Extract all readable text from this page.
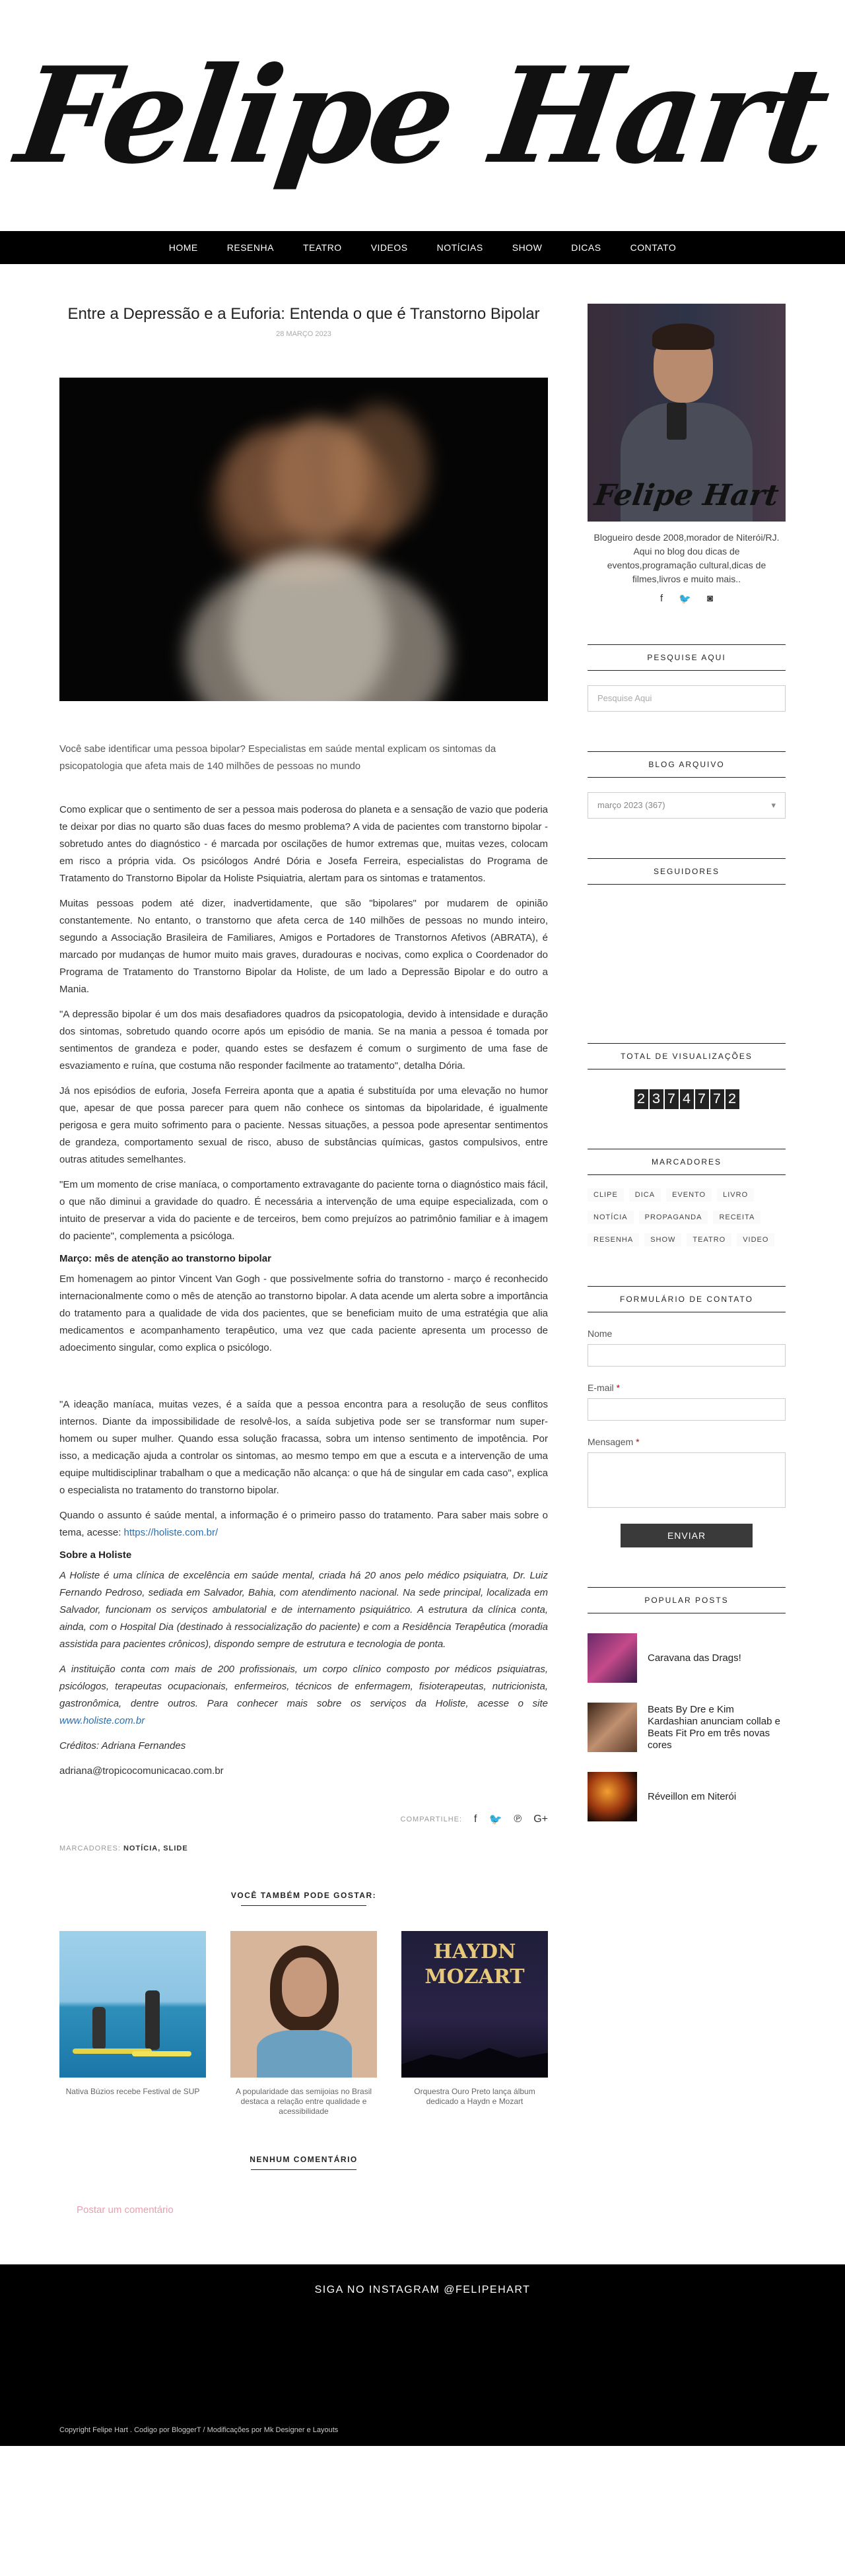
Felipe Hart
HOME	RESENHA	TEATRO	VIDEOS	NOTÍCIAS	SHOW	DICAS	CONTATO
Entre a Depressão e a Euforia: Entenda o que é Transtorno Bipolar
28 MARÇO 2023

Você sabe identificar uma pessoa bipolar? Especialistas em saúde mental explicam os sintomas da psicopatologia que afeta mais de 140 milhões de pessoas no mundo

Como explicar que o sentimento de ser a pessoa mais poderosa do planeta e a sensação de vazio que poderia te deixar por dias no quarto são duas faces do mesmo problema? A vida de pacientes com transtorno bipolar - sobretudo antes do diagnóstico - é marcada por oscilações de humor extremas que, muitas vezes, colocam em risco a própria vida. Os psicólogos André Dória e Josefa Ferreira, especialistas do Programa de Tratamento do Transtorno Bipolar da Holiste Psiquiatria, alertam para os sintomas e tratamentos.

Muitas pessoas podem até dizer, inadvertidamente, que são "bipolares" por mudarem de opinião constantemente. No entanto, o transtorno que afeta cerca de 140 milhões de pessoas no mundo inteiro, segundo a Associação Brasileira de Familiares, Amigos e Portadores de Transtornos Afetivos (ABRATA), é marcado por mudanças de humor muito mais graves, duradouras e nocivas, como explica o Coordenador do Programa de Tratamento do Transtorno Bipolar da Holiste, de um lado a Depressão Bipolar e do outro a Mania.

"A depressão bipolar é um dos mais desafiadores quadros da psicopatologia, devido à intensidade e duração dos sintomas, sobretudo quando ocorre após um episódio de mania. Se na mania a pessoa é tomada por sentimentos de grandeza e poder, quando estes se desfazem é comum o surgimento de uma fase de esvaziamento e ruína, que costuma não responder facilmente ao tratamento", detalha Dória.

Já nos episódios de euforia, Josefa Ferreira aponta que a apatia é substituída por uma elevação no humor que, apesar de que possa parecer para quem não conhece os sintomas da bipolaridade, é igualmente perigosa e gera muito sofrimento para o paciente. Nessas situações, a pessoa pode apresentar sentimentos de grandeza, comportamento sexual de risco, abuso de substâncias químicas, gastos compulsivos, entre outras atitudes semelhantes.

"Em um momento de crise maníaca, o comportamento extravagante do paciente torna o diagnóstico mais fácil, o que não diminui a gravidade do quadro. É necessária a intervenção de uma equipe especializada, com o intuito de preservar a vida do paciente e de terceiros, bem como prejuízos ao patrimônio familiar e à imagem do paciente", complementa a psicóloga.

Março: mês de atenção ao transtorno bipolar

Em homenagem ao pintor Vincent Van Gogh - que possivelmente sofria do transtorno - março é reconhecido internacionalmente como o mês de atenção ao transtorno bipolar. A data acende um alerta sobre a importância do tratamento para a qualidade de vida dos pacientes, que se beneficiam muito de uma estratégia que alia medicamentos e acompanhamento terapêutico, uma vez que cada paciente apresenta um processo de adoecimento singular, como explica o psicólogo.

"A ideação maníaca, muitas vezes, é a saída que a pessoa encontra para a resolução de seus conflitos internos. Diante da impossibilidade de resolvê-los, a saída subjetiva pode ser se transformar num super-homem ou super mulher. Quando essa solução fracassa, sobra um intenso sentimento de impotência. Por isso, a medicação ajuda a controlar os sintomas, ao mesmo tempo em que a escuta e a intervenção de uma equipe multidisciplinar trabalham o que a medicação não alcança: o que há de singular em cada caso", explica o especialista no tratamento do transtorno bipolar.

Quando o assunto é saúde mental, a informação é o primeiro passo do tratamento. Para saber mais sobre o tema, acesse: https://holiste.com.br/

Sobre a Holiste

A Holiste é uma clínica de excelência em saúde mental, criada há 20 anos pelo médico psiquiatra, Dr. Luiz Fernando Pedroso, sediada em Salvador, Bahia, com atendimento nacional. Na sede principal, localizada em Salvador, funcionam os serviços ambulatorial e de internamento psiquiátrico. A estrutura da clínica conta, ainda, com o Hospital Dia (destinado à ressocialização do paciente) e com a Residência Terapêutica (moradia assistida para pacientes crônicos), dispondo sempre de estrutura e tecnologia de ponta.

A instituição conta com mais de 200 profissionais, um corpo clínico composto por médicos psiquiatras, psicólogos, terapeutas ocupacionais, enfermeiros, técnicos de enfermagem, fisioterapeutas, nutricionista, gastronômica, dentre outros. Para conhecer mais sobre os serviços da Holiste, acesse o site www.holiste.com.br

Créditos: Adriana Fernandes

adriana@tropicocomunicacao.com.br

COMPARTILHE: f 🐦 ℗ G+
MARCADORES: NOTÍCIA, SLIDE
VOCÊ TAMBÉM PODE GOSTAR:
Nativa Búzios recebe Festival de SUP	A popularidade das semijoias no Brasil destaca a relação entre qualidade e acessibilidade
HAYDN
MOZART
Orquestra Ouro Preto lança álbum dedicado a Haydn e Mozart
NENHUM COMENTÁRIO
Postar um comentário
Felipe Hart

Blogueiro desde 2008,morador de Niterói/RJ. Aqui no blog dou dicas de eventos,programação cultural,dicas de filmes,livros e muito mais..

f 🐦 ◙
PESQUISE AQUI
Pesquise Aqui
BLOG ARQUIVO
março 2023 (367)	▾
SEGUIDORES
TOTAL DE VISUALIZAÇÕES
2 3 7 4 7 7 2
MARCADORES
CLIPE	DICA	EVENTO	LIVRO
NOTÍCIA	PROPAGANDA	RECEITA
RESENHA	SHOW	TEATRO	VIDEO
FORMULÁRIO DE CONTATO
Nome
E-mail *
Mensagem *
ENVIAR
POPULAR POSTS
Caravana das Drags!
Beats By Dre e Kim Kardashian anunciam collab e Beats Fit Pro em três novas cores
Réveillon em Niterói
SIGA NO INSTAGRAM @FELIPEHART
Copyright Felipe Hart . Codigo por BloggerT / Modificações por Mk Designer e Layouts
